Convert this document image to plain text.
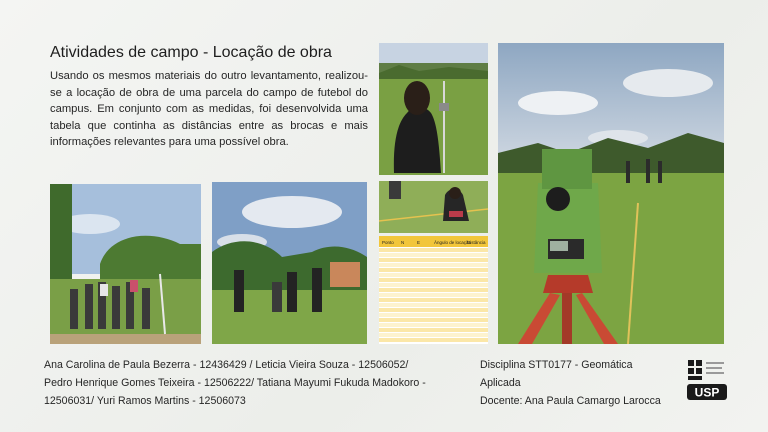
Atividades de campo - Locação de obra
Usando os mesmos materiais do outro levantamento, realizou-se a locação de obra de uma parcela do campo de futebol do campus. Em conjunto com as medidas, foi desenvolvida uma tabela que continha as distâncias entre as brocas e mais informações relevantes para uma possível obra.
Ponto N	E	Ângulo de locação
Distância
Ana Carolina de Paula Bezerra - 12436429 / Leticia Vieira Souza - 12506052/
Pedro Henrique Gomes Teixeira - 12506222/ Tatiana Mayumi Fukuda Madokoro -
12506031/ Yuri Ramos Martins - 12506073
Disciplina STT0177 - Geomática
Aplicada
Docente: Ana Paula Camargo Larocca
USP
